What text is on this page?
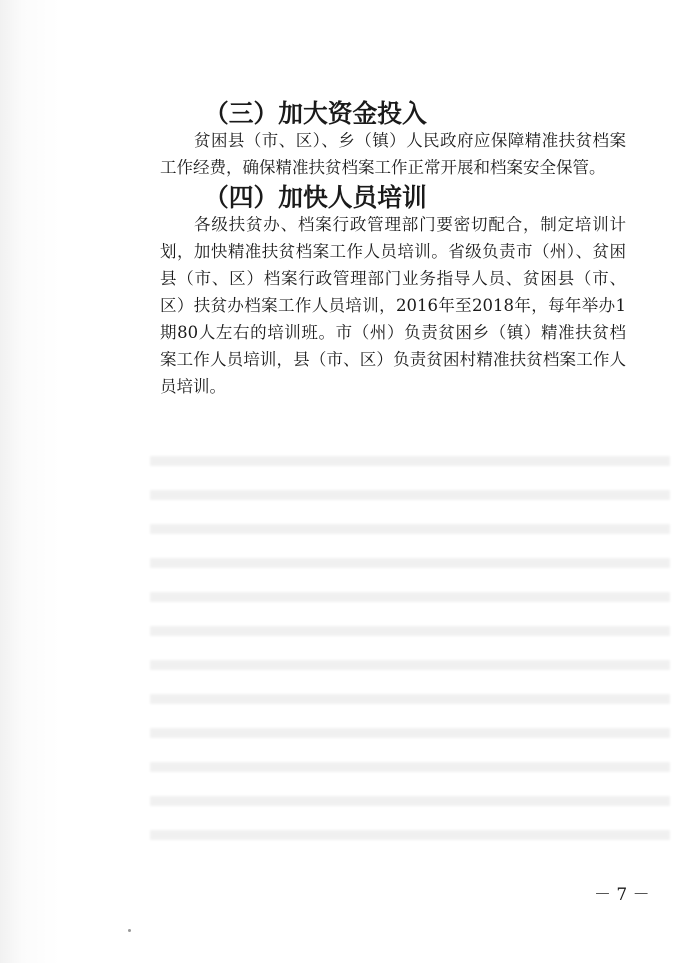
（三）加大资金投入

贫困县（市、区）、乡（镇）人民政府应保障精准扶贫档案工作经费，确保精准扶贫档案工作正常开展和档案安全保管。

（四）加快人员培训

各级扶贫办、档案行政管理部门要密切配合，制定培训计划，加快精准扶贫档案工作人员培训。省级负责市（州）、贫困县（市、区）档案行政管理部门业务指导人员、贫困县（市、区）扶贫办档案工作人员培训，2016年至2018年，每年举办1期80人左右的培训班。市（州）负责贫困乡（镇）精准扶贫档案工作人员培训，县（市、区）负责贫困村精准扶贫档案工作人员培训。

－ 7 －
